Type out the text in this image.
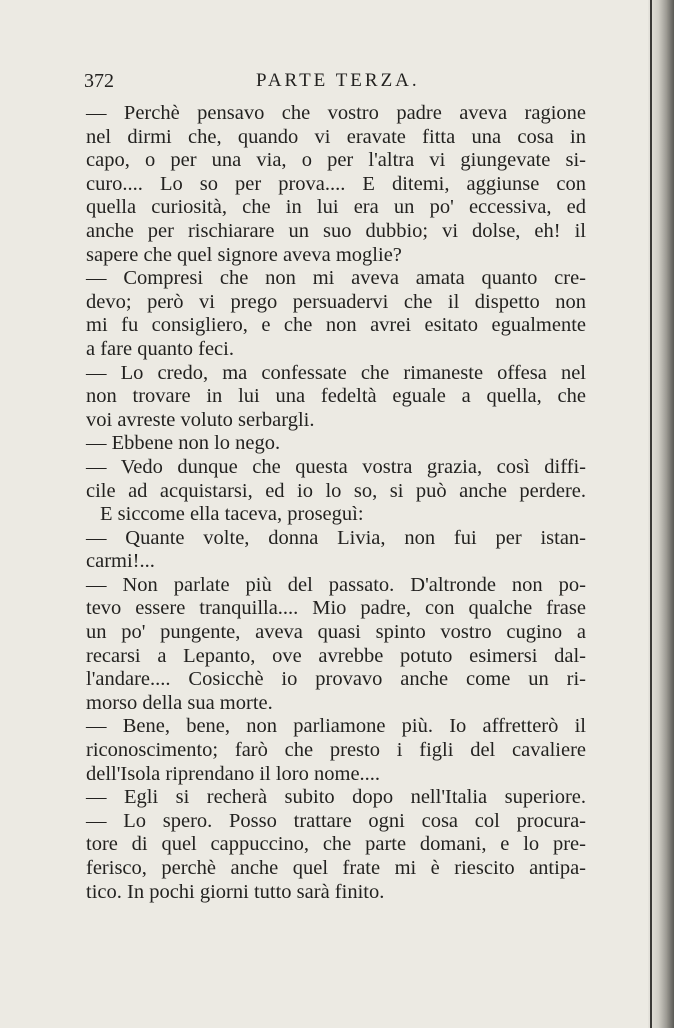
372	PARTE TERZA.
— Perchè pensavo che vostro padre aveva ragione
nel dirmi che, quando vi eravate fitta una cosa in
capo, o per una via, o per l'altra vi giungevate si-
curo.... Lo so per prova.... E ditemi, aggiunse con
quella curiosità, che in lui era un po' eccessiva, ed
anche per rischiarare un suo dubbio; vi dolse, eh! il
sapere che quel signore aveva moglie?
— Compresi che non mi aveva amata quanto cre-
devo; però vi prego persuadervi che il dispetto non
mi fu consigliero, e che non avrei esitato egualmente
a fare quanto feci.
— Lo credo, ma confessate che rimaneste offesa nel
non trovare in lui una fedeltà eguale a quella, che
voi avreste voluto serbargli.
— Ebbene non lo nego.
— Vedo dunque che questa vostra grazia, così diffi-
cile ad acquistarsi, ed io lo so, si può anche perdere.
E siccome ella taceva, proseguì:
— Quante volte, donna Livia, non fui per istan-
carmi!...
— Non parlate più del passato. D'altronde non po-
tevo essere tranquilla.... Mio padre, con qualche frase
un po' pungente, aveva quasi spinto vostro cugino a
recarsi a Lepanto, ove avrebbe potuto esimersi dal-
l'andare.... Cosicchè io provavo anche come un ri-
morso della sua morte.
— Bene, bene, non parliamone più. Io affretterò il
riconoscimento; farò che presto i figli del cavaliere
dell'Isola riprendano il loro nome....
— Egli si recherà subito dopo nell'Italia superiore.
— Lo spero. Posso trattare ogni cosa col procura-
tore di quel cappuccino, che parte domani, e lo pre-
ferisco, perchè anche quel frate mi è riescito antipa-
tico. In pochi giorni tutto sarà finito.
